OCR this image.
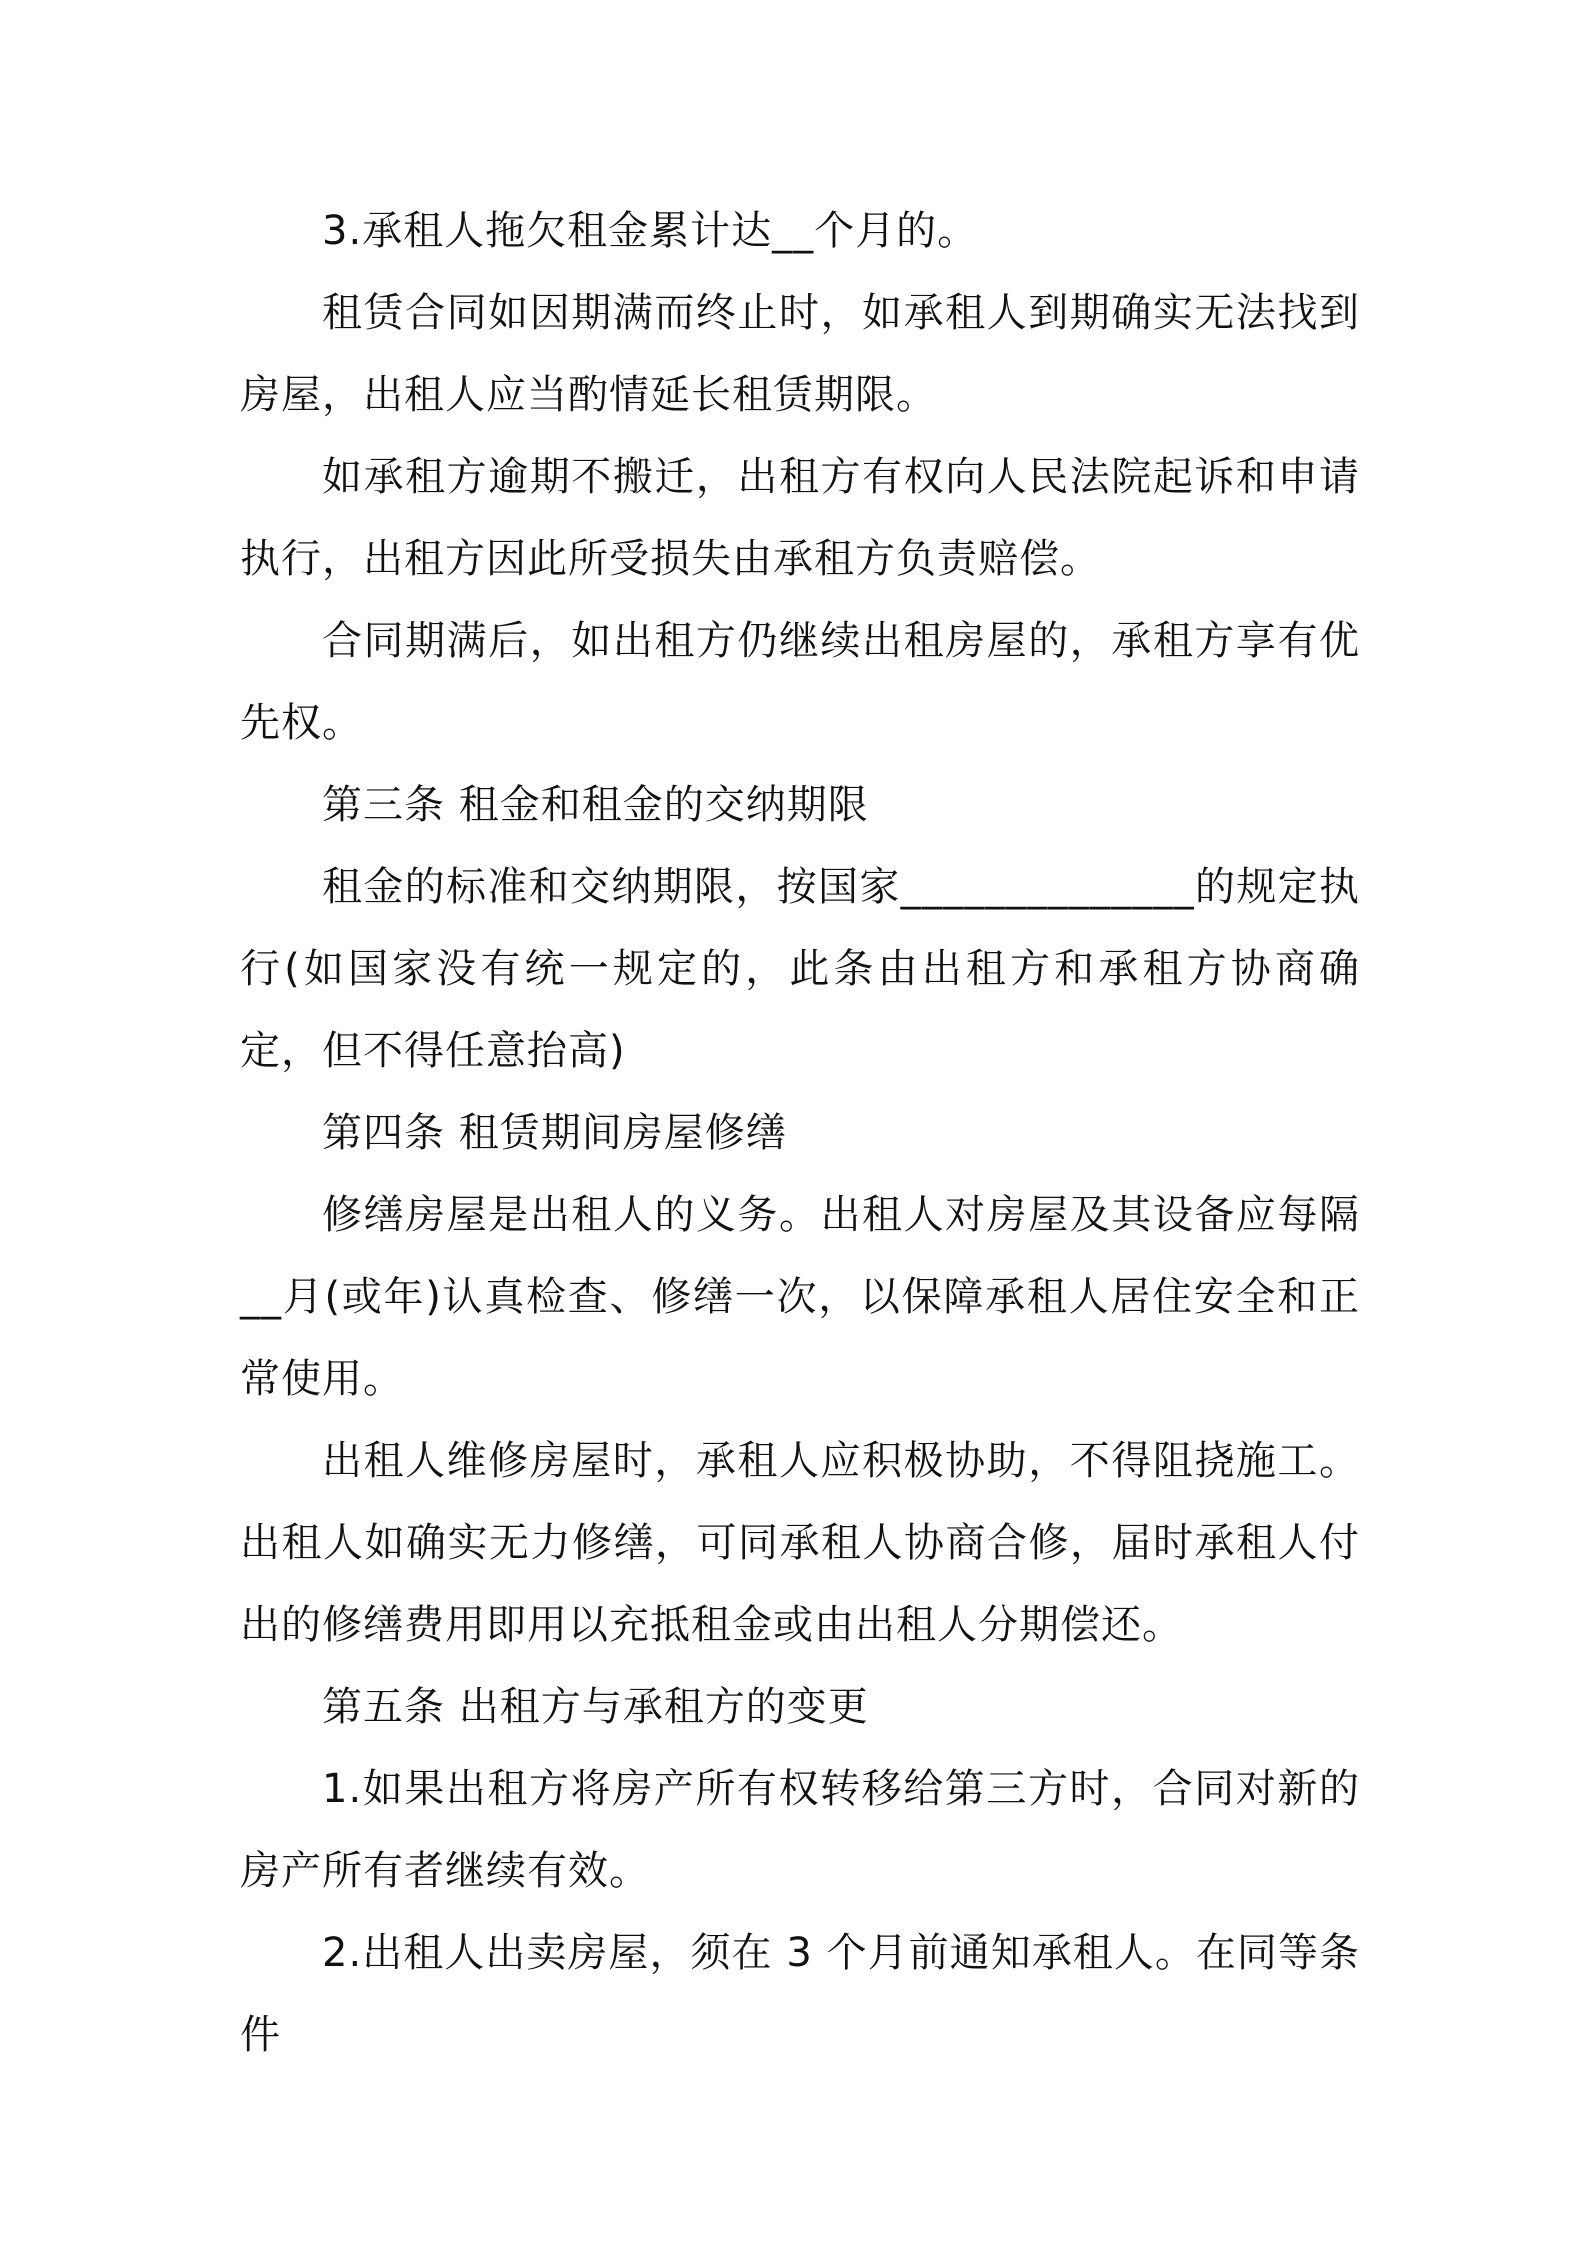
3.承租人拖欠租金累计达__个月的。

租赁合同如因期满而终止时，如承租人到期确实无法找到房屋，出租人应当酌情延长租赁期限。

如承租方逾期不搬迁，出租方有权向人民法院起诉和申请执行，出租方因此所受损失由承租方负责赔偿。

合同期满后，如出租方仍继续出租房屋的，承租方享有优先权。

第三条 租金和租金的交纳期限

租金的标准和交纳期限，按国家______________的规定执行(如国家没有统一规定的，此条由出租方和承租方协商确定，但不得任意抬高)

第四条 租赁期间房屋修缮

修缮房屋是出租人的义务。出租人对房屋及其设备应每隔__月(或年)认真检查、修缮一次，以保障承租人居住安全和正常使用。

出租人维修房屋时，承租人应积极协助，不得阻挠施工。出租人如确实无力修缮，可同承租人协商合修，届时承租人付出的修缮费用即用以充抵租金或由出租人分期偿还。

第五条 出租方与承租方的变更

1.如果出租方将房产所有权转移给第三方时，合同对新的房产所有者继续有效。

2.出租人出卖房屋，须在 3 个月前通知承租人。在同等条件
